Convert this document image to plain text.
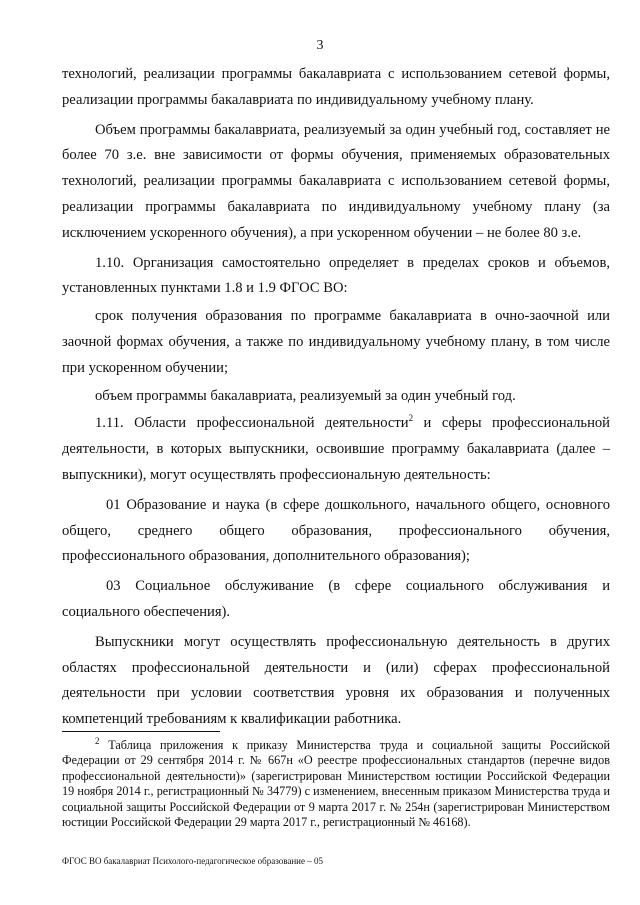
3

технологий, реализации программы бакалавриата с использованием сетевой формы, реализации программы бакалавриата по индивидуальному учебному плану.

Объем программы бакалавриата, реализуемый за один учебный год, составляет не более 70 з.е. вне зависимости от формы обучения, применяемых образовательных технологий, реализации программы бакалавриата с использованием сетевой формы, реализации программы бакалавриата по индивидуальному учебному плану (за исключением ускоренного обучения), а при ускоренном обучении – не более 80 з.е.

1.10. Организация самостоятельно определяет в пределах сроков и объемов, установленных пунктами 1.8 и 1.9 ФГОС ВО:

срок получения образования по программе бакалавриата в очно-заочной или заочной формах обучения, а также по индивидуальному учебному плану, в том числе при ускоренном обучении;

объем программы бакалавриата, реализуемый за один учебный год.

1.11. Области профессиональной деятельности$^2$ и сферы профессиональной деятельности, в которых выпускники, освоившие программу бакалавриата (далее – выпускники), могут осуществлять профессиональную деятельность:

01 Образование и наука (в сфере дошкольного, начального общего, основного общего, среднего общего образования, профессионального обучения, профессионального образования, дополнительного образования);

03 Социальное обслуживание (в сфере социального обслуживания и социального обеспечения).

Выпускники могут осуществлять профессиональную деятельность в других областях профессиональной деятельности и (или) сферах профессиональной деятельности при условии соответствия уровня их образования и полученных компетенций требованиям к квалификации работника.

$^2$ Таблица приложения к приказу Министерства труда и социальной защиты Российской Федерации от 29 сентября 2014 г. № 667н «О реестре профессиональных стандартов (перечне видов профессиональной деятельности)» (зарегистрирован Министерством юстиции Российской Федерации 19 ноября 2014 г., регистрационный № 34779) с изменением, внесенным приказом Министерства труда и социальной защиты Российской Федерации от 9 марта 2017 г. № 254н (зарегистрирован Министерством юстиции Российской Федерации 29 марта 2017 г., регистрационный № 46168).

ФГОС ВО бакалавриат Психолого-педагогическое образование – 05
